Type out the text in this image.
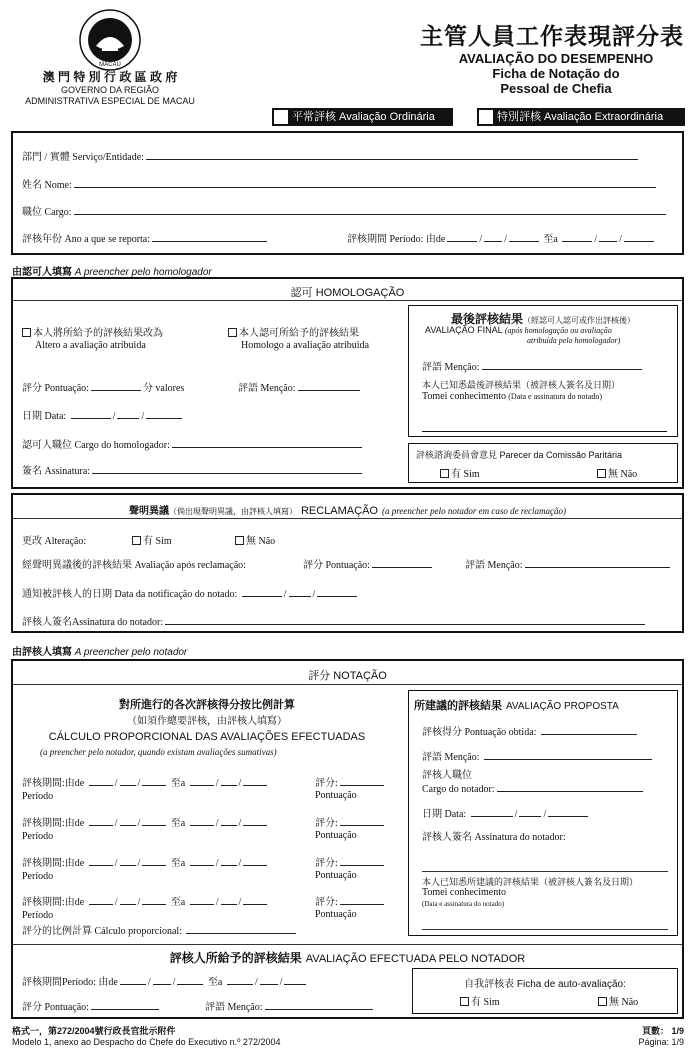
MACAU
澳 門 特 別 行 政 區 政 府
GOVERNO DA REGIÃO
ADMINISTRATIVA ESPECIAL DE MACAU
主管人員工作表現評分表
AVALIAÇÃO DO DESEMPENHO
Ficha de Notação do
Pessoal de Chefia
平常評核 Avaliação Ordinária	特別評核 Avaliação Extraordinária
部門 / 實體 Serviço/Entidade:
姓名 Nome:
職位 Cargo:
評核年份 Ano a que se reporta:	評核期間 Período: 由de	/ /	至a	/ /
由認可人填寫 A preencher pelo homologador
認可 HOMOLOGAÇÃO
本人將所給予的評核結果改為
Altero a avaliação atribuida
本人認可所給予的評核結果
Homologo a avaliação atribuida
評分 Pontuação:	分 valores	評語 Menção:
日期 Data:	/	/
認可人職位 Cargo do homologador:
簽名 Assinatura:
最後評核結果（經認可人認可或作出評核後）
AVALIAÇÃO FINAL (após homologação ou avaliação
atribuída pelo homologador)
評語 Menção:
本人已知悉最後評核結果（被評核人簽名及日期）
Tomei conhecimento (Data e assinatura do notado)
評核諮詢委員會意見 Parecer da Comissão Paritária
有 Sim	無 Não
聲明異議（倘出現聲明異議，由評核人填寫） RECLAMAÇÃO (a preencher pelo notador em caso de reclamação)
更改 Alteração:	有 Sim	無 Não
經聲明異議後的評核結果 Avaliação após reclamação:	評分 Pontuação:	評語 Menção:
通知被評核人的日期 Data da notificação do notado:	/	/
評核人簽名Assinatura do notador:
由評核人填寫 A preencher pelo notador
評分 NOTAÇÃO
對所進行的各次評核得分按比例計算
（如須作總要評核，由評核人填寫）
CÁLCULO PROPORCIONAL DAS AVALIAÇÕES EFECTUADAS
(a preencher pelo notador, quando existam avaliações sumativas)
評核期間:由de	/ /	至a	/ /	評分:

Período	Pontuação
評核期間:由de	/ /	至a	/ /	評分:

Período	Pontuação
評核期間:由de	/ /	至a	/ /	評分:

Período	Pontuação
評核期間:由de	/ /	至a	/ /	評分:

Período	Pontuação
評分的比例計算 Cálculo proporcional:
所建議的評核結果 AVALIAÇÃO PROPOSTA
評核得分 Pontuação obtida:
評語 Menção:
評核人職位
Cargo do notador:
日期 Data:	/	/
評核人簽名 Assinatura do notador:
本人已知悉所建議的評核結果（被評核人簽名及日期）
Tomei conhecimento
(Data e assinatura do notado)
評核人所給予的評核結果 AVALIAÇÃO EFECTUADA PELO NOTADOR
評核期間Período: 由de	/ /	至a	/ /
評分 Pontuação:	評語 Menção:
自我評核表 Ficha de auto-avaliação:
有 Sim	無 Não
格式一，第272/2004號行政長官批示附件
Modelo 1, anexo ao Despacho do Chefe do Executivo n.º 272/2004
頁數： 1/9
Página: 1/9
